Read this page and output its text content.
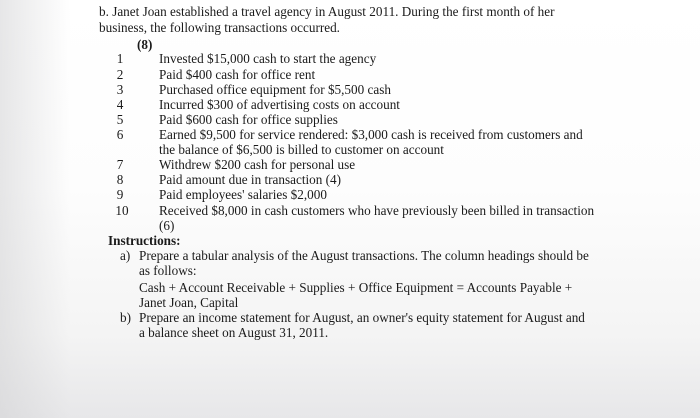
b. Janet Joan established a travel agency in August 2011. During the first month of her
business, the following transactions occurred.
(8)
1	Invested $15,000 cash to start the agency
2	Paid $400 cash for office rent
3	Purchased office equipment for $5,500 cash
4	Incurred $300 of advertising costs on account
5	Paid $600 cash for office supplies
6	Earned $9,500 for service rendered: $3,000 cash is received from customers and
the balance of $6,500 is billed to customer on account
7	Withdrew $200 cash for personal use
8	Paid amount due in transaction (4)
9	Paid employees' salaries $2,000
10 Received $8,000 in cash customers who have previously been billed in transaction
(6)
Instructions:
a) Prepare a tabular analysis of the August transactions. The column headings should be
as follows:
Cash + Account Receivable + Supplies + Office Equipment = Accounts Payable +
Janet Joan, Capital
b) Prepare an income statement for August, an owner's equity statement for August and
a balance sheet on August 31, 2011.
